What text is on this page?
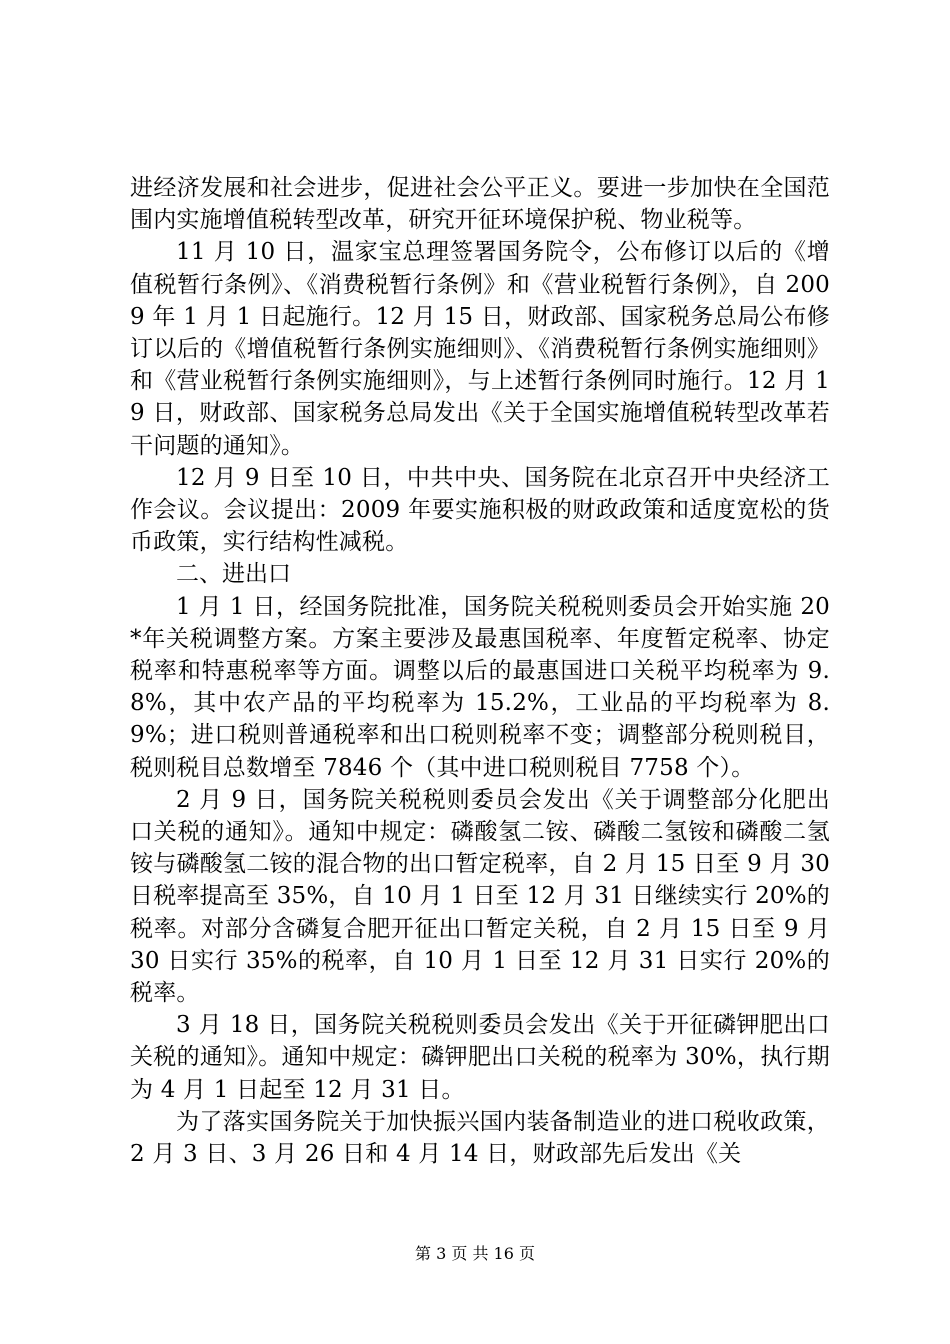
进经济发展和社会进步，促进社会公平正义。要进一步加快在全国范围内实施增值税转型改革，研究开征环境保护税、物业税等。

11 月 10 日，温家宝总理签署国务院令，公布修订以后的《增值税暂行条例》、《消费税暂行条例》和《营业税暂行条例》，自 2009 年 1 月 1 日起施行。12 月 15 日，财政部、国家税务总局公布修订以后的《增值税暂行条例实施细则》、《消费税暂行条例实施细则》和《营业税暂行条例实施细则》，与上述暂行条例同时施行。12 月 19 日，财政部、国家税务总局发出《关于全国实施增值税转型改革若干问题的通知》。

12 月 9 日至 10 日，中共中央、国务院在北京召开中央经济工作会议。会议提出：2009 年要实施积极的财政政策和适度宽松的货币政策，实行结构性减税。

二、进出口

1 月 1 日，经国务院批准，国务院关税税则委员会开始实施 20*年关税调整方案。方案主要涉及最惠国税率、年度暂定税率、协定税率和特惠税率等方面。调整以后的最惠国进口关税平均税率为 9.8%，其中农产品的平均税率为 15.2%，工业品的平均税率为 8.9%；进口税则普通税率和出口税则税率不变；调整部分税则税目，税则税目总数增至 7846 个（其中进口税则税目 7758 个）。

2 月 9 日，国务院关税税则委员会发出《关于调整部分化肥出口关税的通知》。通知中规定：磷酸氢二铵、磷酸二氢铵和磷酸二氢铵与磷酸氢二铵的混合物的出口暂定税率，自 2 月 15 日至 9 月 30 日税率提高至 35%，自 10 月 1 日至 12 月 31 日继续实行 20%的税率。对部分含磷复合肥开征出口暂定关税，自 2 月 15 日至 9 月 30 日实行 35%的税率，自 10 月 1 日至 12 月 31 日实行 20%的税率。

3 月 18 日，国务院关税税则委员会发出《关于开征磷钾肥出口关税的通知》。通知中规定：磷钾肥出口关税的税率为 30%，执行期为 4 月 1 日起至 12 月 31 日。

为了落实国务院关于加快振兴国内装备制造业的进口税收政策，2 月 3 日、3 月 26 日和 4 月 14 日，财政部先后发出《关

第 3 页 共 16 页
